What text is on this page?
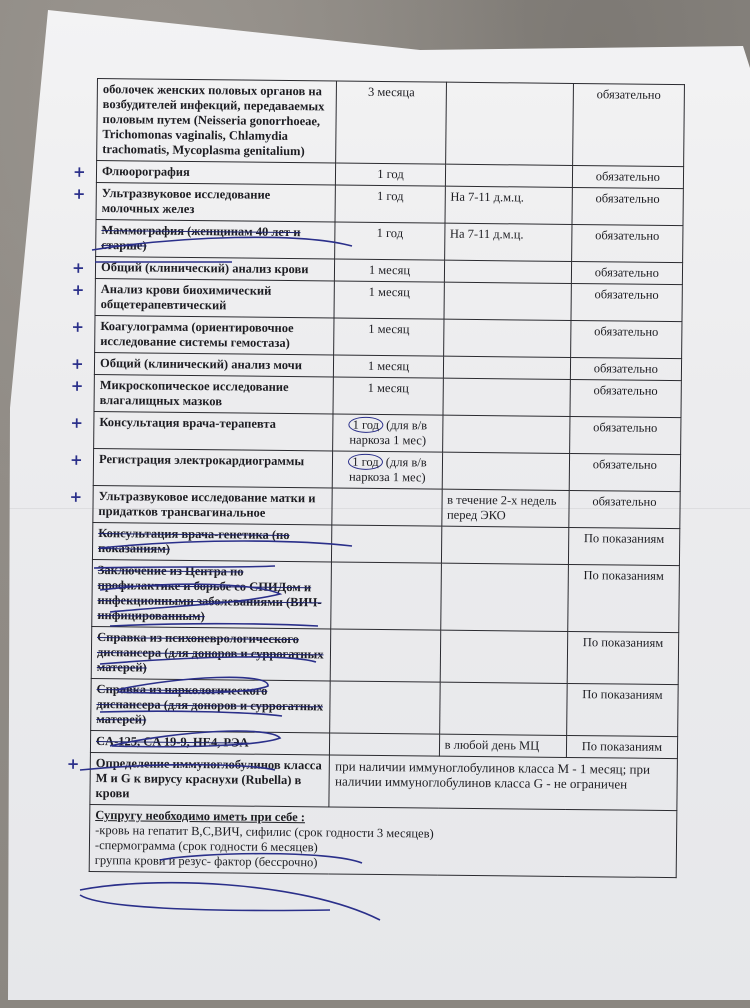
оболочек женских половых органов на возбудителей инфекций, передаваемых половым путем (Neisseria gonorrhoeae, Trichomonas vaginalis, Chlamydia trachomatis, Mycoplasma genitalium)	3 месяца		обязательно

+ Флюорография	1 год		обязательно

+ Ультразвуковое исследование молочных желез	1 год	На 7-11 д.м.ц.	обязательно
Маммография (женщинам 40 лет и старше)	1 год	На 7-11 д.м.ц.	обязательно

+ Общий (клинический) анализ крови	1 месяц		обязательно

+ Анализ крови биохимический общетерапевтический	1 месяц		обязательно

+ Коагулограмма (ориентировочное исследование системы гемостаза)	1 месяц		обязательно

+ Общий (клинический) анализ мочи	1 месяц		обязательно

+ Микроскопическое исследование влагалищных мазков	1 месяц		обязательно

+ Консультация врача-терапевта	1 год (для в/в наркоза 1 мес)		обязательно

+ Регистрация электрокардиограммы	1 год (для в/в наркоза 1 мес)		обязательно

+ Ультразвуковое исследование матки и придатков трансвагинальное		в течение 2-х недель перед ЭКО	обязательно
Консультация врача-генетика (по показаниям)			По показаниям
Заключение из Центра по профилактике и борьбе со СПИДом и инфекционными заболеваниями (ВИЧ-инфицированным)			По показаниям
Справка из психоневрологического диспансера (для доноров и суррогатных матерей)			По показаниям
Справка из наркологического диспансера (для доноров и суррогатных матерей)			По показаниям
CA-125, CA 19-9, HE4, РЭА		в любой день МЦ	По показаниям

+ Определение иммуноглобулинов класса M и G к вирусу краснухи (Rubella) в крови	при наличии иммуноглобулинов класса М - 1 месяц; при наличии иммуноглобулинов класса G - не ограничен		

Супругу необходимо иметь при себе :
-кровь на гепатит В,С,ВИЧ, сифилис (срок годности 3 месяцев)
-спермограмма (срок годности 6 месяцев)
группа крови и резус- фактор (бессрочно)			
